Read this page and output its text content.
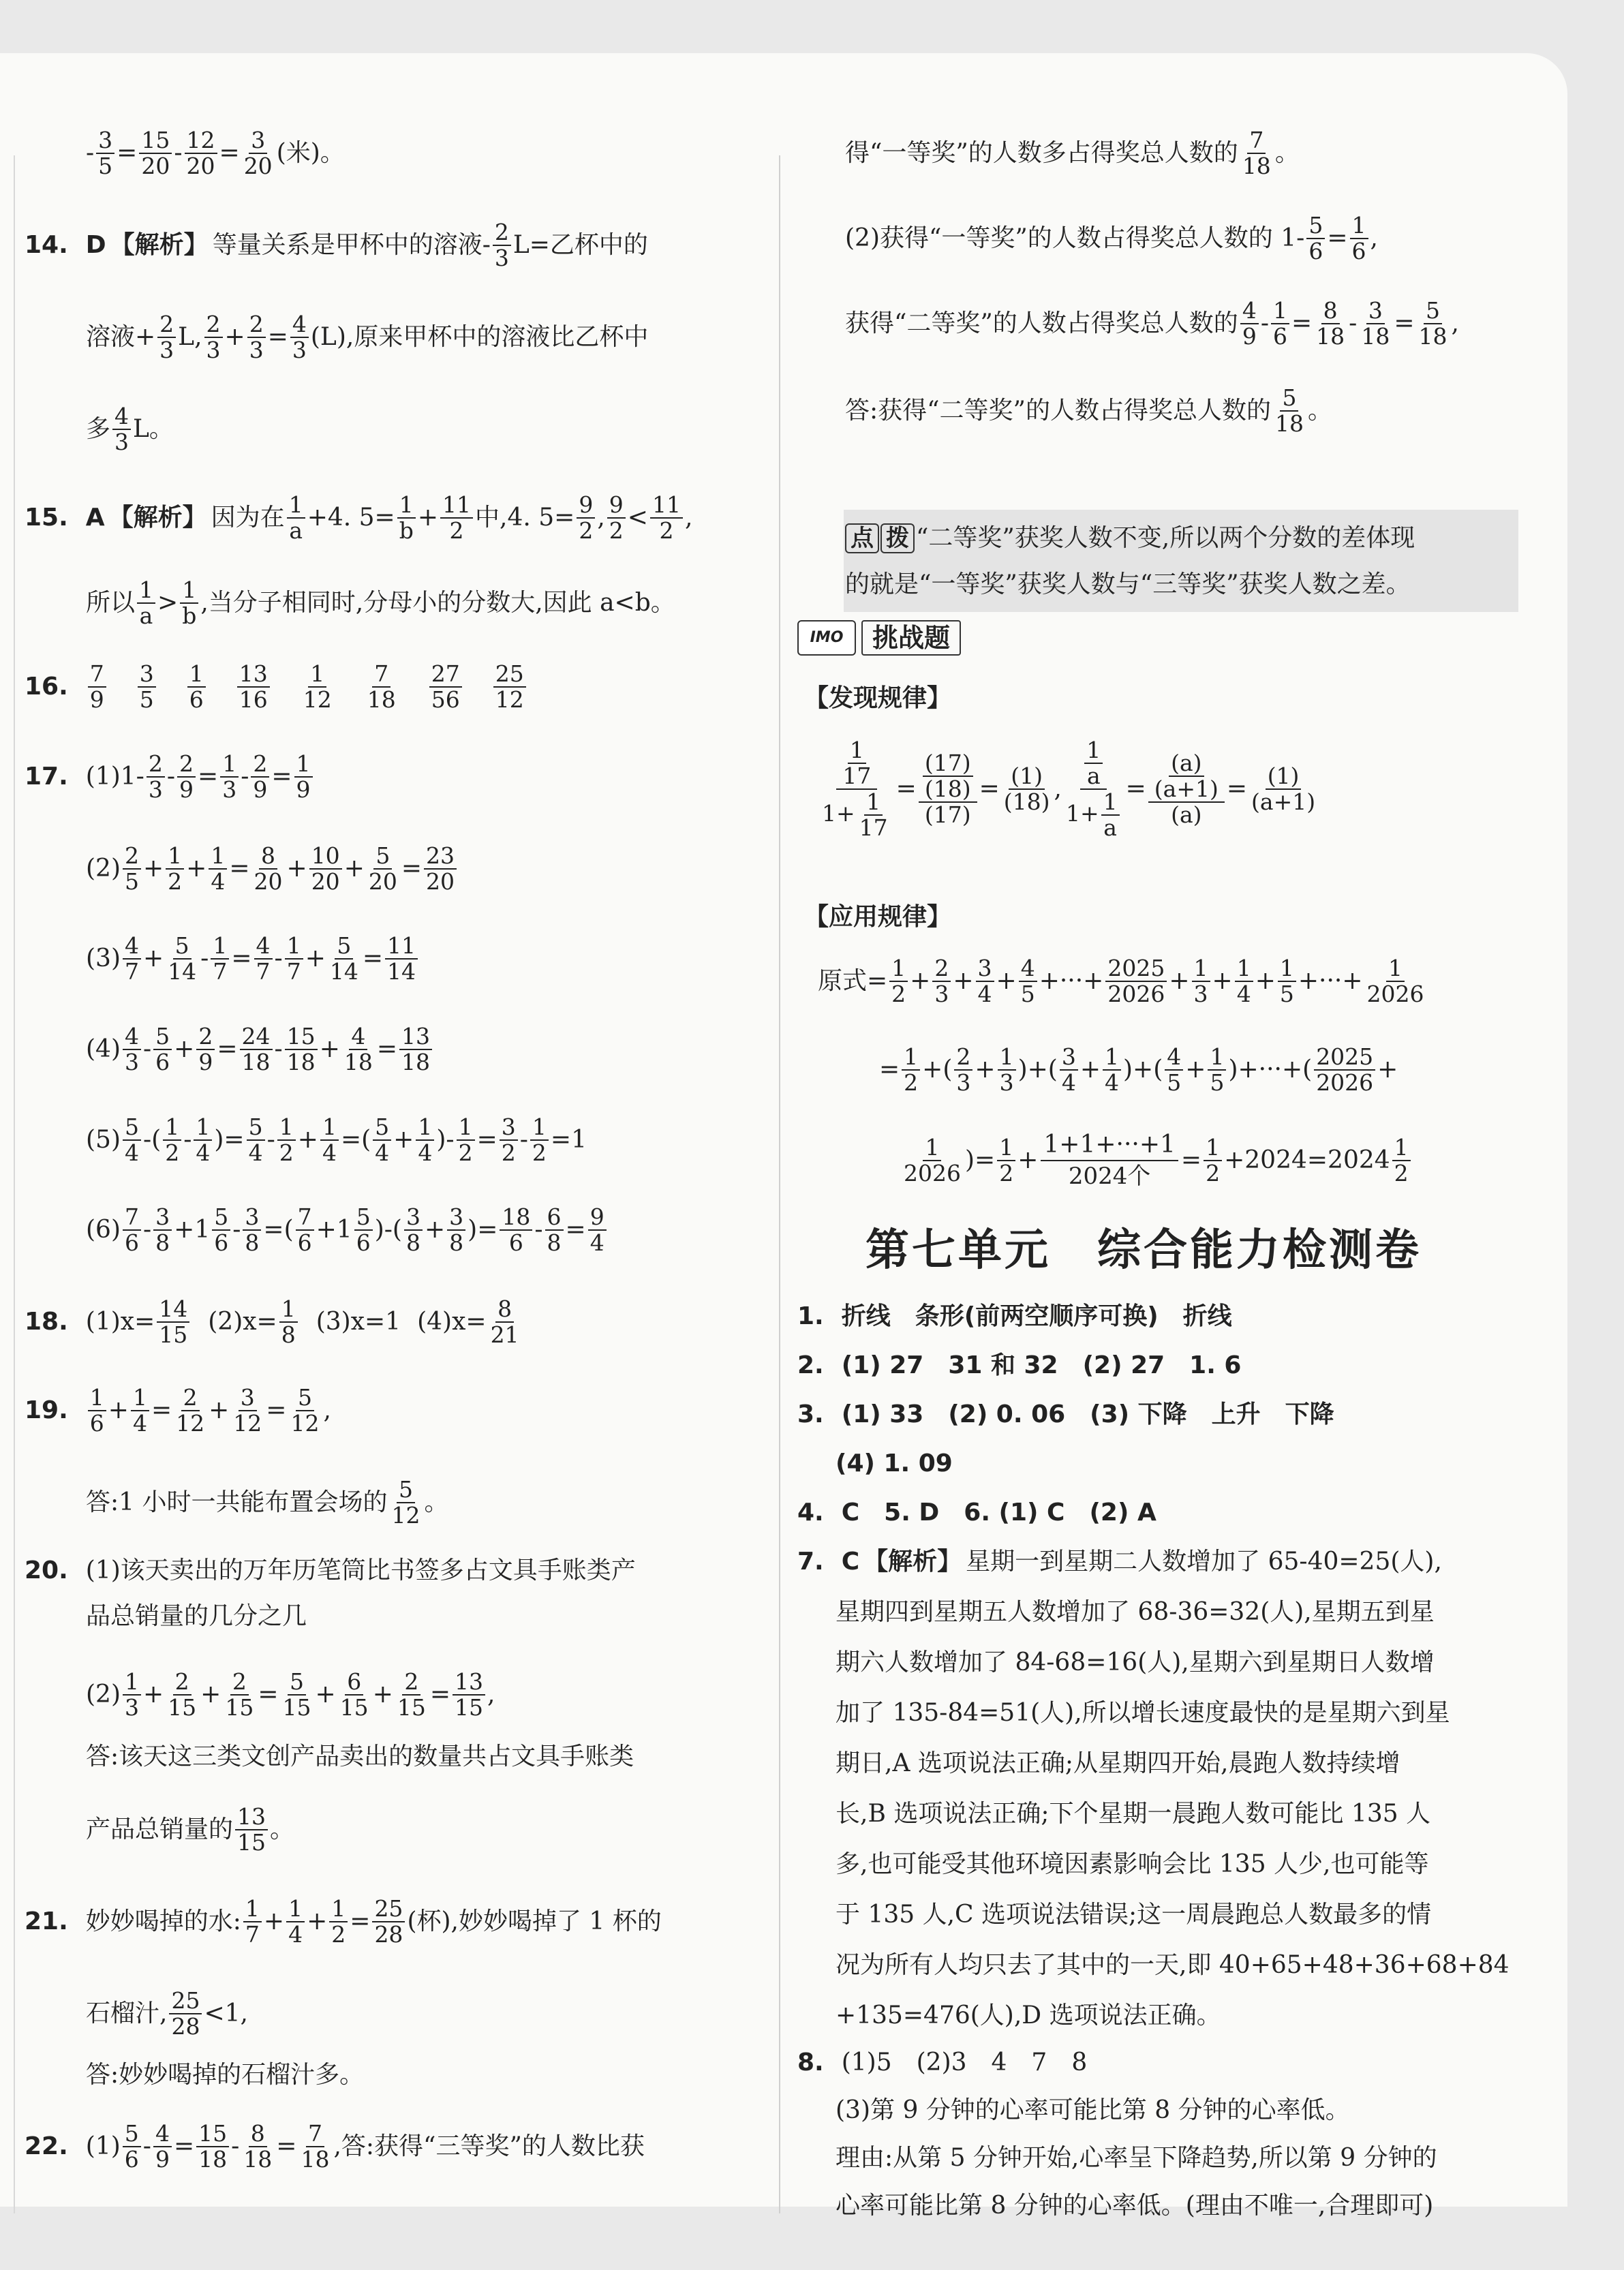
- $\frac{3}{5} = \frac{15}{20} - \frac{12}{20} = \frac{3}{20}$ (米)。
14. D 【解析】 等量关系是甲杯中的溶液- $\frac{2}{3} L=$乙杯中的
溶液+ $\frac{2}{3} L$, $\frac{2}{3} + \frac{2}{3} = \frac{4}{3} (L)$,原来甲杯中的溶液比乙杯中
多 $\frac{4}{3}$ L。
15. A 【解析】 因为在 $\frac{1}{a} +4$. $5= \frac{1}{b} + \frac{11}{2}$ 中,4. $5= \frac{9}{2}$ , $\frac{9}{2} < \frac{11}{2}$ ,
所以 $\frac{1}{a} > \frac{1}{b}$ ,当分子相同时,分母小的分数大,因此 a<b。
16. $\frac{7}{9} \frac{3}{5} \frac{1}{6} \frac{13}{16} \frac{1}{12} \frac{7}{18} \frac{27}{56} \frac{25}{12}$
17. (1) $1- \frac{2}{3} - \frac{2}{9} = \frac{1}{3} - \frac{2}{9} = \frac{1}{9}$
$(2) \frac{2}{5} + \frac{1}{2} + \frac{1}{4} = \frac{8}{20} + \frac{10}{20} + \frac{5}{20} = \frac{23}{20}$
$(3) \frac{4}{7} + \frac{5}{14} - \frac{1}{7} = \frac{4}{7} - \frac{1}{7} + \frac{5}{14} = \frac{11}{14}$
$(4) \frac{4}{3} - \frac{5}{6} + \frac{2}{9} = \frac{24}{18} - \frac{15}{18} + \frac{4}{18} = \frac{13}{18}$
$(5) \frac{5}{4}$ -( $\frac{1}{2} - \frac{1}{4}$ )= $\frac{5}{4} - \frac{1}{2} + \frac{1}{4}$ =( $\frac{5}{4} + \frac{1}{4}$ )- $\frac{1}{2} = \frac{3}{2} - \frac{1}{2} =1$
$(6) \frac{7}{6} - \frac{3}{8} +1 \frac{5}{6} - \frac{3}{8}$ =( $\frac{7}{6} +1 \frac{5}{6}$ )-( $\frac{3}{8} + \frac{3}{8}$ )= $\frac{18}{6} - \frac{6}{8} = \frac{9}{4}$
18. $(1)x= \frac{14}{15} (2)x= \frac{1}{8} (3)x=1$ $(4)x= \frac{8}{21}$
19. $\frac{1}{6} + \frac{1}{4} = \frac{2}{12} + \frac{3}{12} = \frac{5}{12}$ ,
答:1 小时一共能布置会场的 $\frac{5}{12}$ 。
20. (1)该天卖出的万年历笔筒比书签多占文具手账类产
品总销量的几分之几
$(2) \frac{1}{3} + \frac{2}{15} + \frac{2}{15} = \frac{5}{15} + \frac{6}{15} + \frac{2}{15} = \frac{13}{15}$ ,
答:该天这三类文创产品卖出的数量共占文具手账类
产品总销量的 $\frac{13}{15}$ 。
21. 妙妙喝掉的水: $\frac{1}{7} + \frac{1}{4} + \frac{1}{2} = \frac{25}{28}$ (杯),妙妙喝掉了 1 杯的
石榴汁, $\frac{25}{28} <1$,
答:妙妙喝掉的石榴汁多。
22. $(1) \frac{5}{6} - \frac{4}{9} = \frac{15}{18} - \frac{8}{18} = \frac{7}{18}$ ,答:获得“三等奖”的人数比获
得“一等奖”的人数多占得奖总人数的 $\frac{7}{18}$ 。
(2)获得“一等奖”的人数占得奖总人数的 $1- \frac{5}{6} = \frac{1}{6}$ ,
获得“二等奖”的人数占得奖总人数的 $\frac{4}{9} - \frac{1}{6} = \frac{8}{18} - \frac{3}{18} = \frac{5}{18}$ ,
答:获得“二等奖”的人数占得奖总人数的 $\frac{5}{18}$ 。
点 拨 “二等奖”获奖人数不变,所以两个分数的差体现
的就是“一等奖”获奖人数与“三等奖”获奖人数之差。
IMO	挑战题
【发现规律】
$\frac{\frac{1}{17}}{1+ \frac{1}{17}} = \frac{\frac{(17)}{(18)}}{(17)} = \frac{(1)}{(18)}$ , $\frac{\frac{1}{a}}{1+ \frac{1}{a}} = \frac{\frac{(a)}{(a+1)}}{(a)} = \frac{(1)}{(a+1)}$
【应用规律】
原式= $\frac{1}{2} + \frac{2}{3} + \frac{3}{4} + \frac{4}{5}$ +···+ $\frac{2025}{2026} + \frac{1}{3} + \frac{1}{4} + \frac{1}{5}$ +···+ $\frac{1}{2026}$
= $\frac{1}{2}$ +( $\frac{2}{3} + \frac{1}{3}$ )+( $\frac{3}{4} + \frac{1}{4}$ )+( $\frac{4}{5} + \frac{1}{5}$ )+···+( $\frac{2025}{2026}$ +
$\frac{1}{2026}$ )= $\frac{1}{2}$ +
1+1+···+1
2024个
= $\frac{1}{2} +2024=2024 \frac{1}{2}$
第七单元　综合能力检测卷
1. 折线　条形(前两空顺序可换)　折线
2. (1) 27　31 和 32　(2) 27　1. 6
3. (1) 33　(2) 0. 06　(3) 下降　上升　下降
(4) 1. 09
4. C　5. D　6. (1) C　(2) A
7. C 【解析】 星期一到星期二人数增加了 65-40=25(人),
星期四到星期五人数增加了 68-36=32(人),星期五到星
期六人数增加了 84-68=16(人),星期六到星期日人数增
加了 135-84=51(人),所以增长速度最快的是星期六到星
期日,A 选项说法正确;从星期四开始,晨跑人数持续增
长,B 选项说法正确;下个星期一晨跑人数可能比 135 人
多,也可能受其他环境因素影响会比 135 人少,也可能等
于 135 人,C 选项说法错误;这一周晨跑总人数最多的情
况为所有人均只去了其中的一天,即 40+65+48+36+68+84
+135=476(人),D 选项说法正确。
8. (1)5　(2)3　4　7　8
(3)第 9 分钟的心率可能比第 8 分钟的心率低。
理由:从第 5 分钟开始,心率呈下降趋势,所以第 9 分钟的
心率可能比第 8 分钟的心率低。(理由不唯一,合理即可)
